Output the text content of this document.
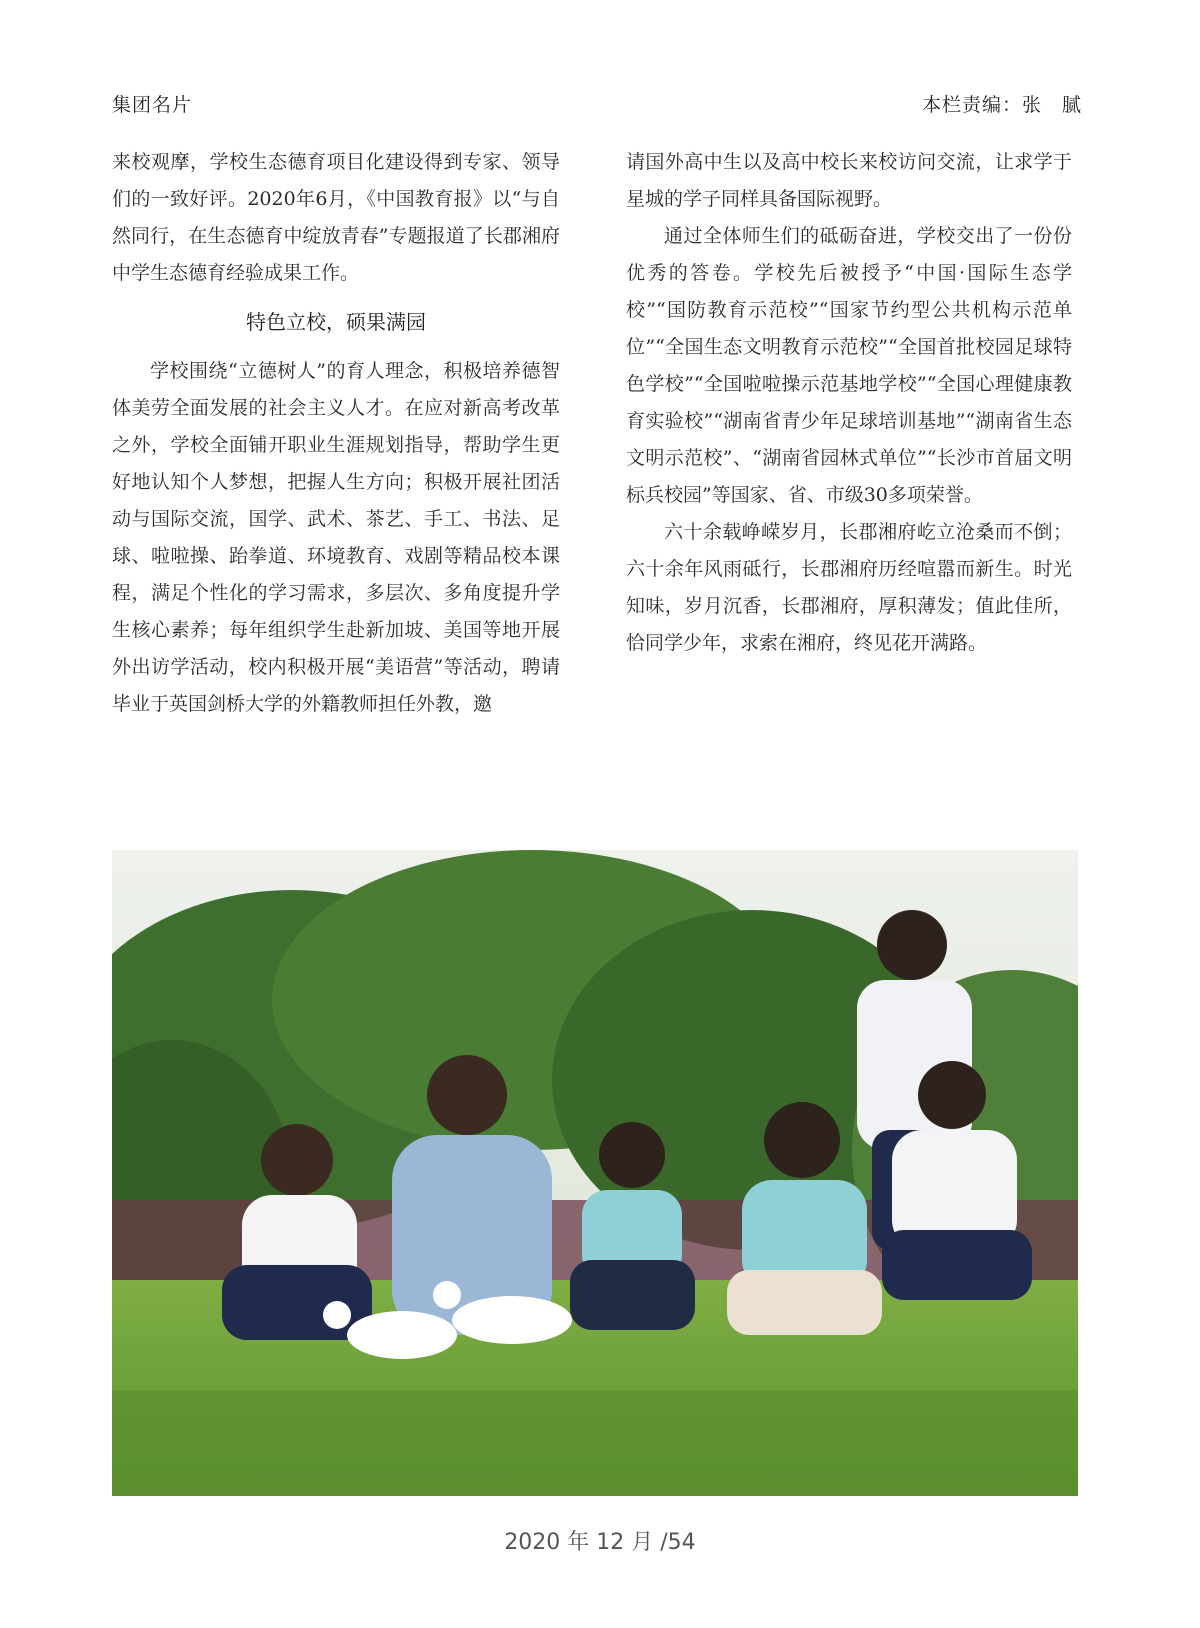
集团名片	本栏责编：张　腻

来校观摩，学校生态德育项目化建设得到专家、领导们的一致好评。2020年6月，《中国教育报》以“与自然同行，在生态德育中绽放青春”专题报道了长郡湘府中学生态德育经验成果工作。

特色立校，硕果满园

学校围绕“立德树人”的育人理念，积极培养德智体美劳全面发展的社会主义人才。在应对新高考改革之外，学校全面铺开职业生涯规划指导，帮助学生更好地认知个人梦想，把握人生方向；积极开展社团活动与国际交流，国学、武术、茶艺、手工、书法、足球、啦啦操、跆拳道、环境教育、戏剧等精品校本课程，满足个性化的学习需求，多层次、多角度提升学生核心素养；每年组织学生赴新加坡、美国等地开展外出访学活动，校内积极开展“美语营”等活动，聘请毕业于英国剑桥大学的外籍教师担任外教，邀

请国外高中生以及高中校长来校访问交流，让求学于星城的学子同样具备国际视野。

通过全体师生们的砥砺奋进，学校交出了一份份优秀的答卷。学校先后被授予“中国·国际生态学校”“国防教育示范校”“国家节约型公共机构示范单位”“全国生态文明教育示范校”“全国首批校园足球特色学校”“全国啦啦操示范基地学校”“全国心理健康教育实验校”“湖南省青少年足球培训基地”“湖南省生态文明示范校”、“湖南省园林式单位”“长沙市首届文明标兵校园”等国家、省、市级30多项荣誉。

六十余载峥嵘岁月，长郡湘府屹立沧桑而不倒；六十余年风雨砥行，长郡湘府历经喧嚣而新生。时光知味，岁月沉香，长郡湘府，厚积薄发；值此佳所，恰同学少年，求索在湘府，终见花开满路。

2020 年 12 月 /54
